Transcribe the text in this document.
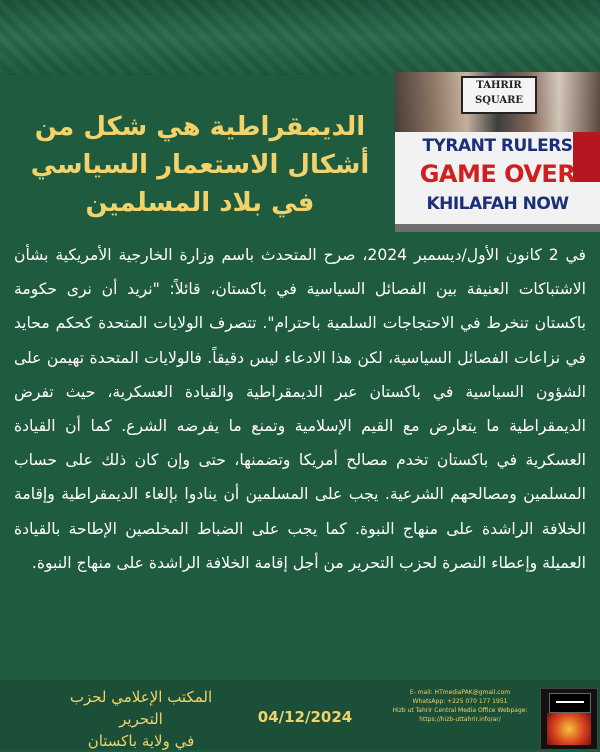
TAHRIR SQUARE
TYRANT RULERS
GAME OVER
KHILAFAH NOW
الديمقراطية هي شكل من
أشكال الاستعمار السياسي
في بلاد المسلمين

في 2 كانون الأول/ديسمبر 2024، صرح المتحدث باسم وزارة الخارجية الأمريكية بشأن الاشتباكات العنيفة بين الفصائل السياسية في باكستان، قائلاً: "نريد أن نرى حكومة باكستان تنخرط في الاحتجاجات السلمية باحترام". تتصرف الولايات المتحدة كحكم محايد في نزاعات الفصائل السياسية، لكن هذا الادعاء ليس دقيقاً. فالولايات المتحدة تهيمن على الشؤون السياسية في باكستان عبر الديمقراطية والقيادة العسكرية، حيث تفرض الديمقراطية ما يتعارض مع القيم الإسلامية وتمنع ما يفرضه الشرع. كما أن القيادة العسكرية في باكستان تخدم مصالح أمريكا وتضمنها، حتى وإن كان ذلك على حساب المسلمين ومصالحهم الشرعية. يجب على المسلمين أن ينادوا بإلغاء الديمقراطية وإقامة الخلافة الراشدة على منهاج النبوة. كما يجب على الضباط المخلصين الإطاحة بالقيادة العميلة وإعطاء النصرة لحزب التحرير من أجل إقامة الخلافة الراشدة على منهاج النبوة.

المكتب الإعلامي لحزب التحرير
في ولاية باكستان
04/12/2024
E- mail: HTmediaPAK@gmail.com
WhatsApp: +225 070 177 1951
Hizb ut Tahrir Central Media Office Webpage:
https://hizb-uttahrir.info/ar/
